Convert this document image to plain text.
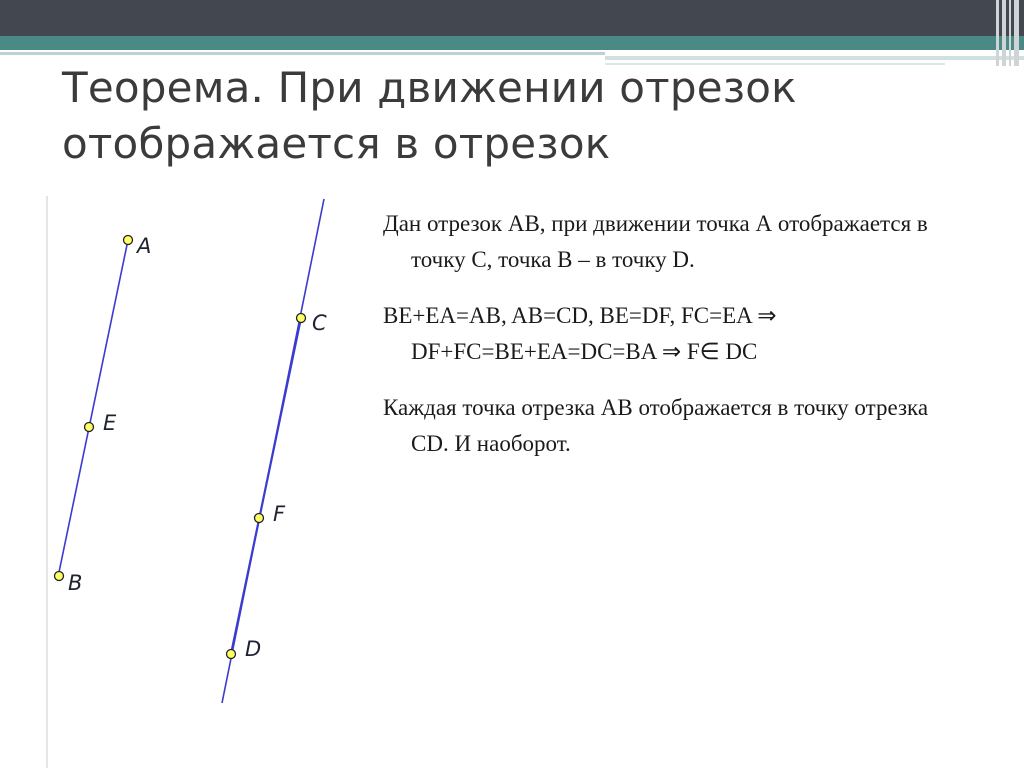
Теорема. При движении отрезок отображается в отрезок
A
E
B
C
F
D

Дан отрезок АВ, при движении точка А отображается в точку С, точка В – в точку D.

BE+EA=AB, AB=CD, BE=DF, FC=EA ⇒ DF+FC=BE+EA=DC=BA ⇒ F∈ DC

Каждая точка отрезка АВ отображается в точку отрезка CD. И наоборот.
